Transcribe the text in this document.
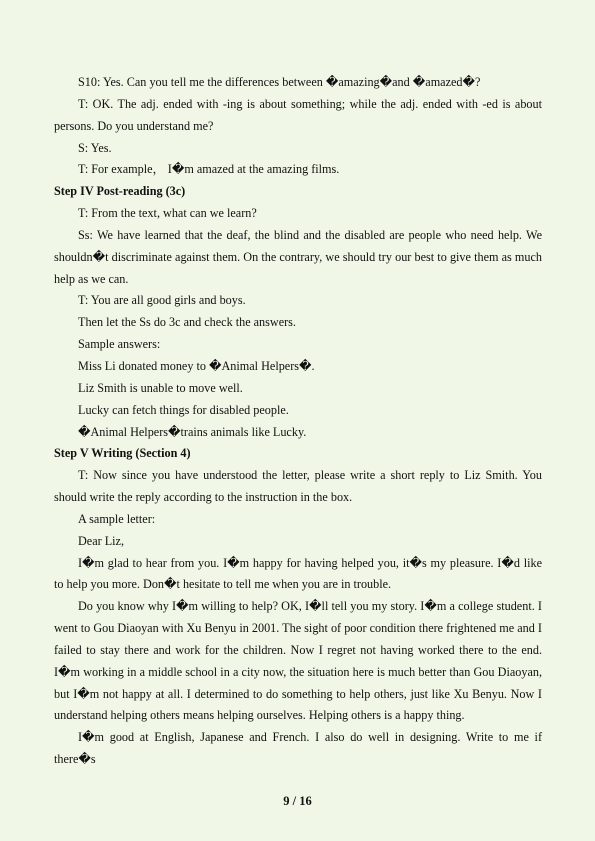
S10: Yes. Can you tell me the differences between �amazing�and �amazed�?

T: OK. The adj. ended with -ing is about something; while the adj. ended with -ed is about persons. Do you understand me?

S: Yes.

T: For example， I�m amazed at the amazing films.

Step IV Post-reading (3c)

T: From the text, what can we learn?

Ss: We have learned that the deaf, the blind and the disabled are people who need help. We shouldn�t discriminate against them. On the contrary, we should try our best to give them as much help as we can.

T: You are all good girls and boys.

Then let the Ss do 3c and check the answers.

Sample answers:

Miss Li donated money to �Animal Helpers�.

Liz Smith is unable to move well.

Lucky can fetch things for disabled people.

�Animal Helpers�trains animals like Lucky.

Step V Writing (Section 4)

T: Now since you have understood the letter, please write a short reply to Liz Smith. You should write the reply according to the instruction in the box.

A sample letter:

Dear Liz,

I�m glad to hear from you. I�m happy for having helped you, it�s my pleasure. I�d like to help you more. Don�t hesitate to tell me when you are in trouble.

Do you know why I�m willing to help? OK, I�ll tell you my story. I�m a college student. I went to Gou Diaoyan with Xu Benyu in 2001. The sight of poor condition there frightened me and I failed to stay there and work for the children. Now I regret not having worked there to the end. I�m working in a middle school in a city now, the situation here is much better than Gou Diaoyan, but I�m not happy at all. I determined to do something to help others, just like Xu Benyu. Now I understand helping others means helping ourselves. Helping others is a happy thing.

I�m good at English, Japanese and French. I also do well in designing. Write to me if there�s

9 / 16
